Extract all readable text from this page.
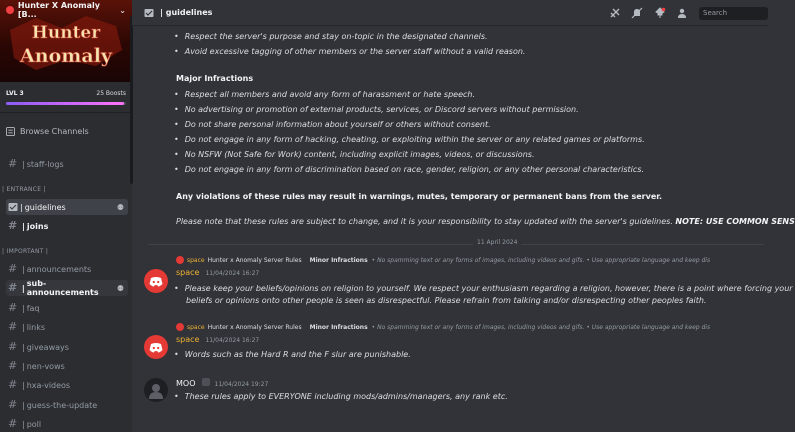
Hunter
Anomaly
Hunter X Anomaly [B...	⌄
LVL 3	25 Boosts
Browse Channels
# | staff-logs
| ENTRANCE |
| guidelines	⚉
# | joins
| IMPORTANT |
# | announcements
# | sub-announcements	⚉
# | faq
# | links
# | giveaways
# | nen-vows
# | hxa-videos
# | guess-the-update
# | poll
| guidelines	Search
• Respect the server's purpose and stay on-topic in the designated channels.
• Avoid excessive tagging of other members or the server staff without a valid reason.
Major Infractions
• Respect all members and avoid any form of harassment or hate speech.
• No advertising or promotion of external products, services, or Discord servers without permission.
• Do not share personal information about yourself or others without consent.
• Do not engage in any form of hacking, cheating, or exploiting within the server or any related games or platforms.
• No NSFW (Not Safe for Work) content, including explicit images, videos, or discussions.
• Do not engage in any form of discrimination based on race, gender, religion, or any other personal characteristics.
Any violations of these rules may result in warnings, mutes, temporary or permanent bans from the server.
Please note that these rules are subject to change, and it is your responsibility to stay updated with the server's guidelines. NOTE: USE COMMON SENS
11 April 2024
space Hunter x Anomaly Server Rules Minor Infractions • No spamming text or any forms of images, including videos and gifs. • Use appropriate language and keep dis
space 11/04/2024 16:27
• Please keep your beliefs/opinions on religion to yourself. We respect your enthusiasm regarding a religion, however, there is a point where forcing your
beliefs or opinions onto other people is seen as disrespectful. Please refrain from talking and/or disrespecting other peoples faith.
space Hunter x Anomaly Server Rules Minor Infractions • No spamming text or any forms of images, including videos and gifs. • Use appropriate language and keep dis
space 11/04/2024 16:27
• Words such as the Hard R and the F slur are punishable.
MOO	11/04/2024 19:27
• These rules apply to EVERYONE including mods/admins/managers, any rank etc.
